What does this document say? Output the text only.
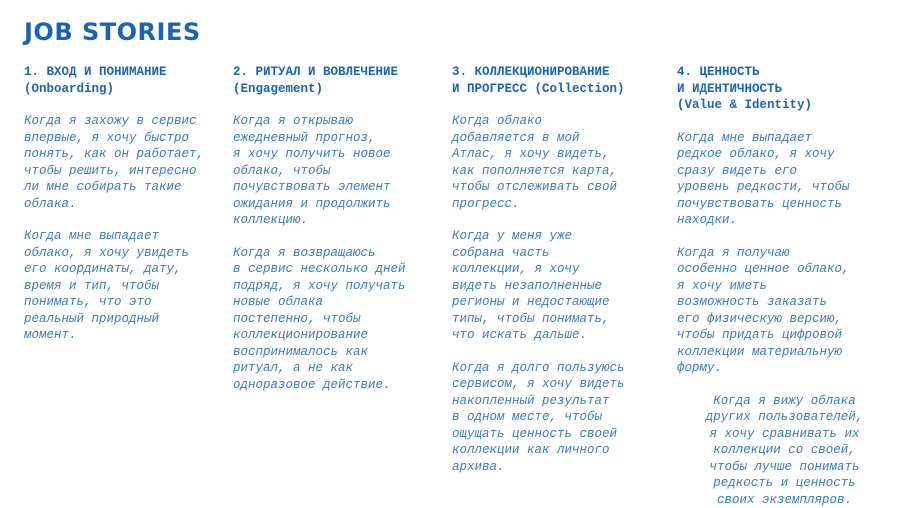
JOB STORIES

1. ВХОД И ПОНИМАНИЕ
(Onboarding)

Когда я захожу в сервис
впервые, я хочу быстро
понять, как он работает,
чтобы решить, интересно
ли мне собирать такие
облака.

Когда мне выпадает
облако, я хочу увидеть
его координаты, дату,
время и тип, чтобы
понимать, что это
реальный природный
момент.

2. РИТУАЛ И ВОВЛЕЧЕНИЕ
(Engagement)

Когда я открываю
ежедневный прогноз,
я хочу получить новое
облако, чтобы
почувствовать элемент
ожидания и продолжить
коллекцию.

Когда я возвращаюсь
в сервис несколько дней
подряд, я хочу получать
новые облака
постепенно, чтобы
коллекционирование
воспринималось как
ритуал, а не как
одноразовое действие.

3. КОЛЛЕКЦИОНИРОВАНИЕ
И ПРОГРЕСС (Collection)

Когда облако
добавляется в мой
Атлас, я хочу видеть,
как пополняется карта,
чтобы отслеживать свой
прогресс.

Когда у меня уже
собрана часть
коллекции, я хочу
видеть незаполненные
регионы и недостающие
типы, чтобы понимать,
что искать дальше.

Когда я долго пользуюсь
сервисом, я хочу видеть
накопленный результат
в одном месте, чтобы
ощущать ценность своей
коллекции как личного
архива.

4. ЦЕННОСТЬ
И ИДЕНТИЧНОСТЬ
(Value & Identity)

Когда мне выпадает
редкое облако, я хочу
сразу видеть его
уровень редкости, чтобы
почувствовать ценность
находки.

Когда я получаю
особенно ценное облако,
я хочу иметь
возможность заказать
его физическую версию,
чтобы придать цифровой
коллекции материальную
форму.

Когда я вижу облака
других пользователей,
я хочу сравнивать их
коллекции со своей,
чтобы лучше понимать
редкость и ценность
своих экземпляров.
